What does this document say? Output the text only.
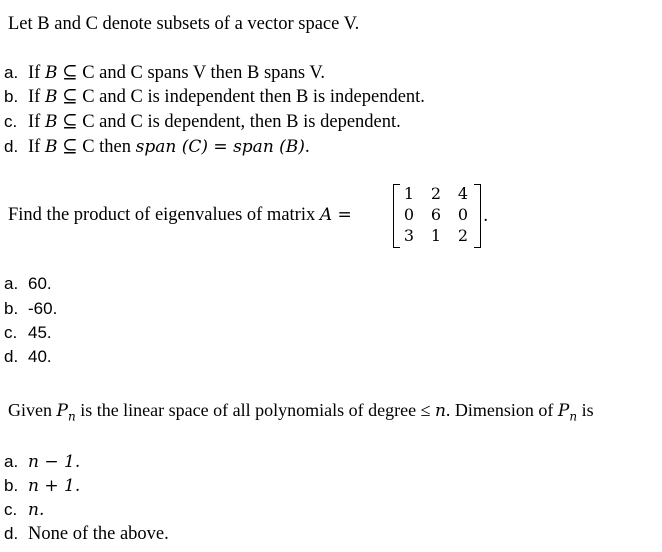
Let B and C denote subsets of a vector space V.
a. If B ⊆ C and C spans V then B spans V.
b. If B ⊆ C and C is independent then B is independent.
c. If B ⊆ C and C is dependent, then B is dependent.
d. If B ⊆ C then span (C) = span (B).
Find the product of eigenvalues of matrix A =
1	2	4
0	6	0
3	1	2
.
a. 60.
b. -60.
c. 45.
d. 40.
Given $P_n$ is the linear space of all polynomials of degree ≤ n. Dimension of $P_n$ is
a. n − 1.
b. n + 1.
c. n.
d. None of the above.
